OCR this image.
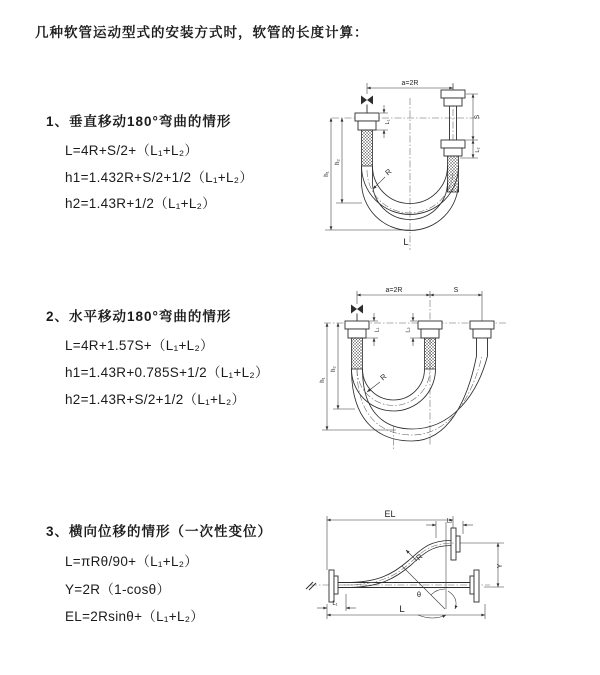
几种软管运动型式的安装方式时，软管的长度计算：
1、垂直移动180°弯曲的情形
L=4R+S/2+（L₁+L₂）
h1=1.432R+S/2+1/2（L₁+L₂）
h2=1.43R+1/2（L₁+L₂）
2、水平移动180°弯曲的情形
L=4R+1.57S+（L₁+L₂）
h1=1.43R+0.785S+1/2（L₁+L₂）
h2=1.43R+S/2+1/2（L₁+L₂）
3、横向位移的情形（一次性变位）
L=πRθ/90+（L₁+L₂）
Y=2R（1-cosθ）
EL=2Rsinθ+（L₁+L₂）
a=2R
S
L₂
L₁
h₁
h₂
R
L
a=2R	S
h₁
h₂
L₁	L₂
R
EL
L₂
Y
R
θ
L₁	L
